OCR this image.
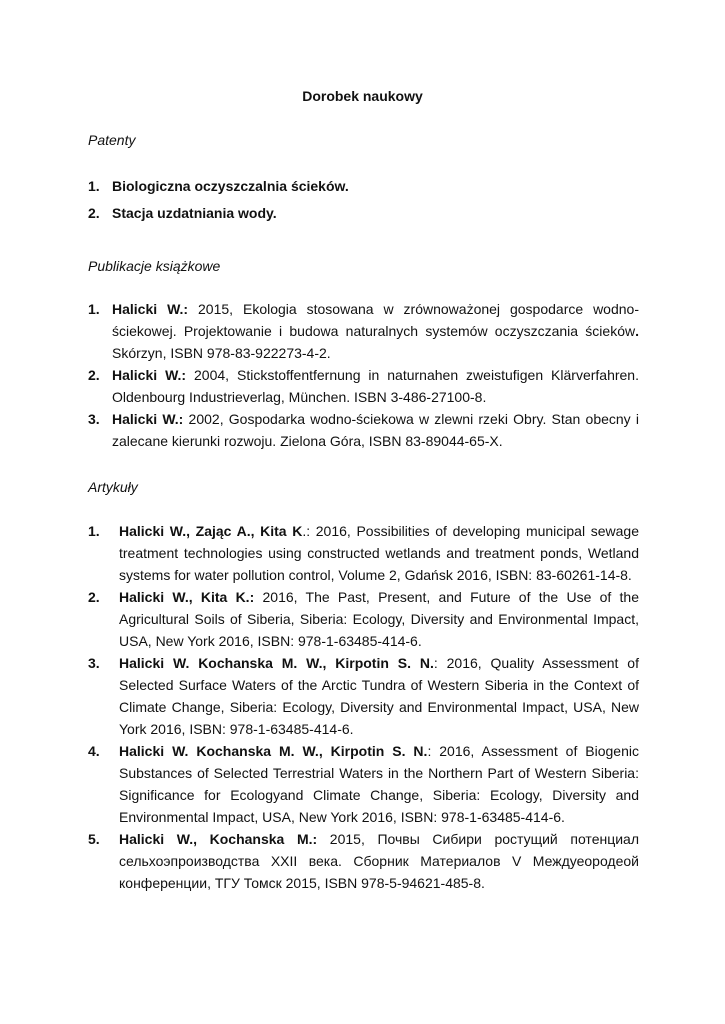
Dorobek naukowy
Patenty
1. Biologiczna oczyszczalnia ścieków.
2. Stacja uzdatniania wody.
Publikacje książkowe
1. Halicki W.: 2015, Ekologia stosowana w zrównoważonej gospodarce wodno-ściekowej. Projektowanie i budowa naturalnych systemów oczyszczania ścieków. Skórzyn, ISBN 978-83-922273-4-2.
2. Halicki W.: 2004, Stickstoffentfernung in naturnahen zweistufigen Klärverfahren. Oldenbourg Industrieverlag, München. ISBN 3-486-27100-8.
3. Halicki W.: 2002, Gospodarka wodno-ściekowa w zlewni rzeki Obry. Stan obecny i zalecane kierunki rozwoju. Zielona Góra, ISBN 83-89044-65-X.
Artykuły
1. Halicki W., Zając A., Kita K.: 2016, Possibilities of developing municipal sewage treatment technologies using constructed wetlands and treatment ponds, Wetland systems for water pollution control, Volume 2, Gdańsk 2016, ISBN: 83-60261-14-8.
2. Halicki W., Kita K.: 2016, The Past, Present, and Future of the Use of the Agricultural Soils of Siberia, Siberia: Ecology, Diversity and Environmental Impact, USA, New York 2016, ISBN: 978-1-63485-414-6.
3. Halicki W. Kochanska M. W., Kirpotin S. N.: 2016, Quality Assessment of Selected Surface Waters of the Arctic Tundra of Western Siberia in the Context of Climate Change, Siberia: Ecology, Diversity and Environmental Impact, USA, New York 2016, ISBN: 978-1-63485-414-6.
4. Halicki W. Kochanska M. W., Kirpotin S. N.: 2016, Assessment of Biogenic Substances of Selected Terrestrial Waters in the Northern Part of Western Siberia: Significance for Ecologyand Climate Change, Siberia: Ecology, Diversity and Environmental Impact, USA, New York 2016, ISBN: 978-1-63485-414-6.
5. Halicki W., Kochanska M.: 2015, Почвы Сибири ростущий потенциал сельхоэпроизводства XXII века. Сборник Материалов V Междуеородеой конференции, ТГУ Томск 2015, ISBN 978-5-94621-485-8.
